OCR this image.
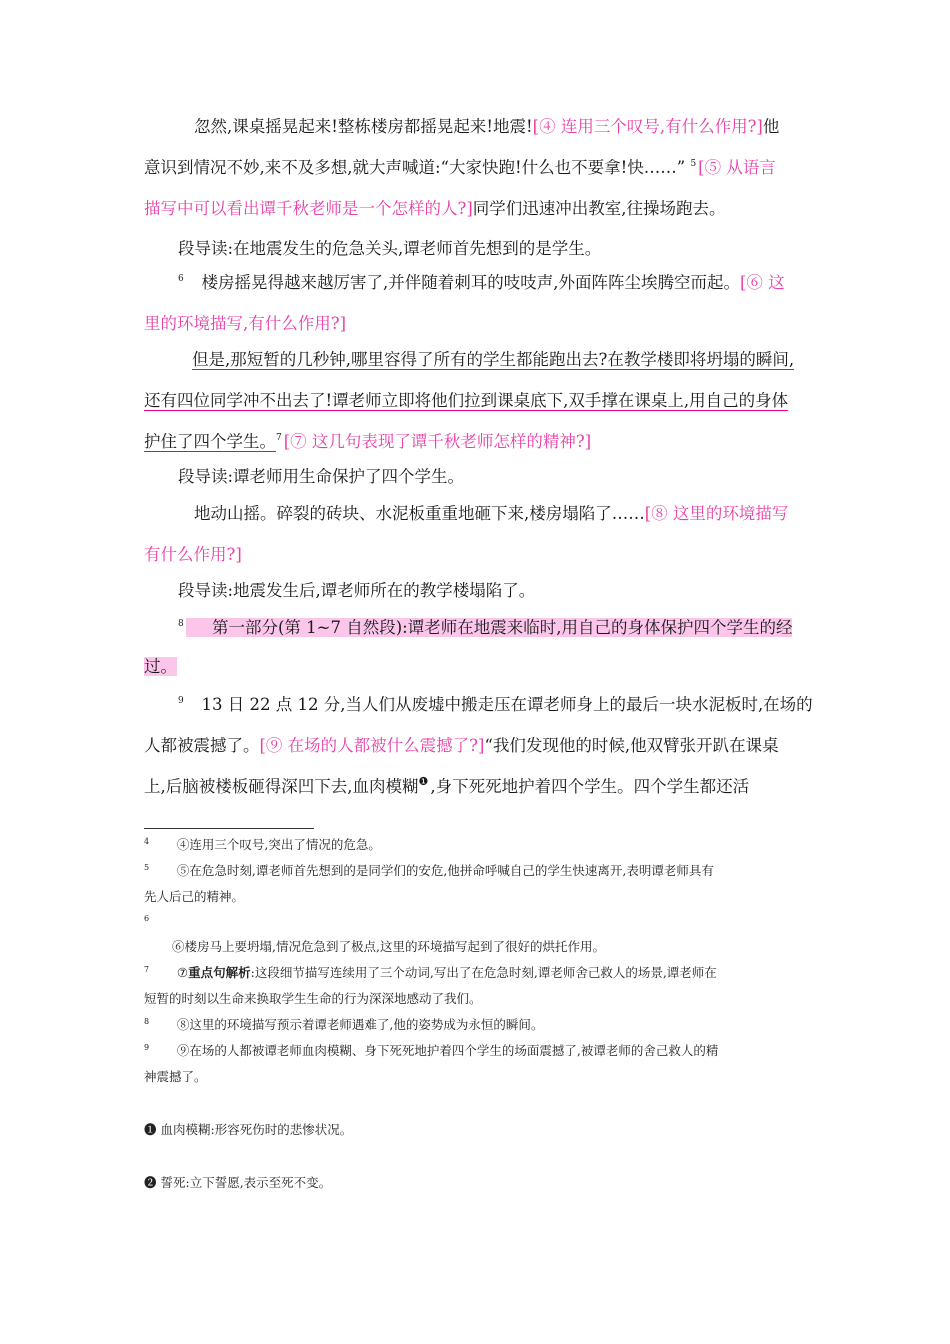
忽然,课桌摇晃起来!整栋楼房都摇晃起来!地震![④ 连用三个叹号,有什么作用?]他
意识到情况不妙,来不及多想,就大声喊道:“大家快跑!什么也不要拿!快……” $^5$ [⑤ 从语言
描写中可以看出谭千秋老师是一个怎样的人?]同学们迅速冲出教室,往操场跑去。
段导读:在地震发生的危急关头,谭老师首先想到的是学生。
$^6$ 楼房摇晃得越来越厉害了,并伴随着刺耳的吱吱声,外面阵阵尘埃腾空而起。[⑥ 这
里的环境描写,有什么作用?]
但是,那短暂的几秒钟,哪里容得了所有的学生都能跑出去?在教学楼即将坍塌的瞬间,
还有四位同学冲不出去了!谭老师立即将他们拉到课桌底下,双手撑在课桌上,用自己的身体
护住了四个学生。$^7$ [⑦ 这几句表现了谭千秋老师怎样的精神?]
段导读:谭老师用生命保护了四个学生。
地动山摇。碎裂的砖块、水泥板重重地砸下来,楼房塌陷了……[⑧ 这里的环境描写
有什么作用?]
段导读:地震发生后,谭老师所在的教学楼塌陷了。
$^8$ 第一部分(第 1~7 自然段):谭老师在地震来临时,用自己的身体保护四个学生的经
过。
$^9$ 13 日 22 点 12 分,当人们从废墟中搬走压在谭老师身上的最后一块水泥板时,在场的
人都被震撼了。[⑨ 在场的人都被什么震撼了?]“我们发现他的时候,他双臂张开趴在课桌
上,后脑被楼板砸得深凹下去,血肉模糊$^❶$ ,身下死死地护着四个学生。四个学生都还活
$^4$ ④连用三个叹号,突出了情况的危急。
$^5$ ⑤在危急时刻,谭老师首先想到的是同学们的安危,他拼命呼喊自己的学生快速离开,表明谭老师具有
先人后己的精神。
$^6$
⑥楼房马上要坍塌,情况危急到了极点,这里的环境描写起到了很好的烘托作用。
$^7$ ⑦重点句解析:这段细节描写连续用了三个动词,写出了在危急时刻,谭老师舍己救人的场景,谭老师在
短暂的时刻以生命来换取学生生命的行为深深地感动了我们。
$^8$ ⑧这里的环境描写预示着谭老师遇难了,他的姿势成为永恒的瞬间。
$^9$ ⑨在场的人都被谭老师血肉模糊、身下死死地护着四个学生的场面震撼了,被谭老师的舍己救人的精
神震撼了。
❶ 血肉模糊:形容死伤时的悲惨状况。
❷ 誓死:立下誓愿,表示至死不变。
